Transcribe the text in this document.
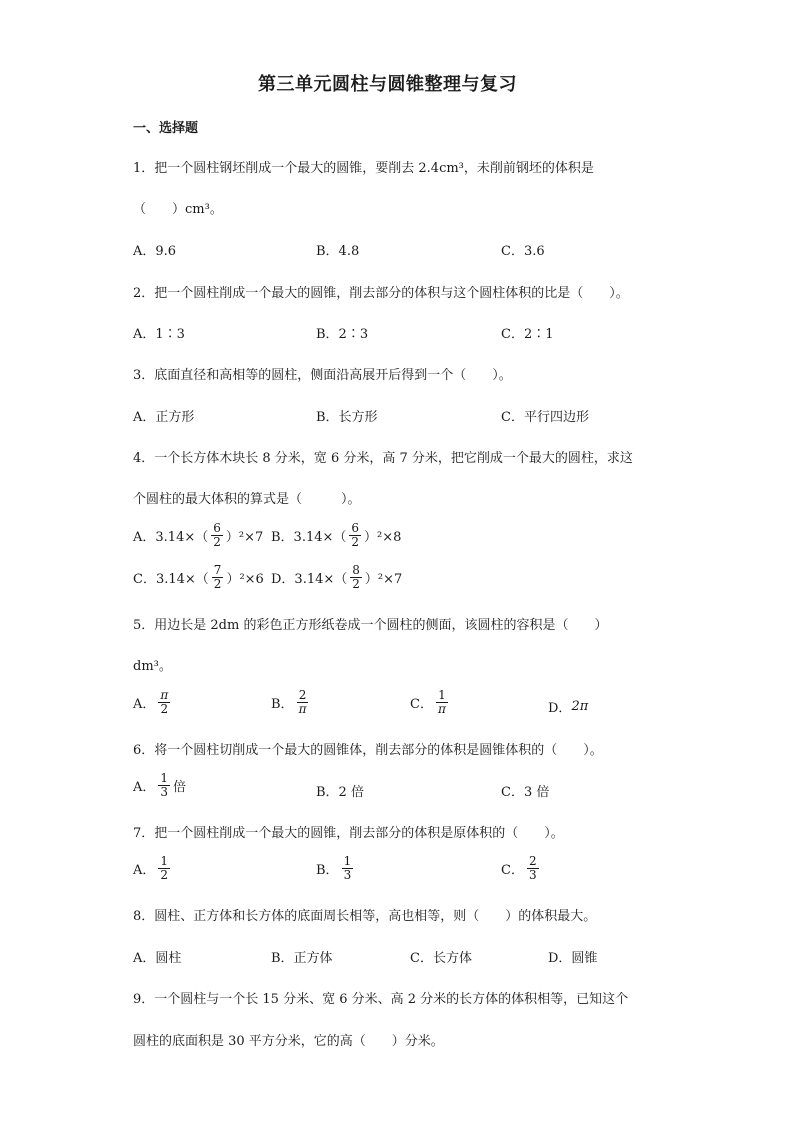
第三单元圆柱与圆锥整理与复习
一、选择题
1．把一个圆柱钢坯削成一个最大的圆锥，要削去 2.4cm³，未削前钢坯的体积是
（　　）cm³。
A．9.6	B．4.8	C．3.6
2．把一个圆柱削成一个最大的圆锥，削去部分的体积与这个圆柱体积的比是（　　）。
A．1∶3	B．2∶3	C．2∶1
3．底面直径和高相等的圆柱，侧面沿高展开后得到一个（　　）。
A．正方形	B．长方形	C．平行四边形
4．一个长方体木块长 8 分米，宽 6 分米，高 7 分米，把它削成一个最大的圆柱，求这
个圆柱的最大体积的算式是（　　　）。
A．$3.14\times( \frac{6}{2} )^2\times 7$ B．$3.14\times( \frac{6}{2} )^2\times 8$
C．$3.14\times( \frac{7}{2} )^2\times 6$ D．$3.14\times( \frac{8}{2} )^2\times 7$
5．用边长是 2dm 的彩色正方形纸卷成一个圆柱的侧面，该圆柱的容积是（　　）
dm³。
A． $\frac{\pi}{2}$	B． $\frac{2}{\pi}$	C． $\frac{1}{\pi}$	D． 2π
6．将一个圆柱切削成一个最大的圆锥体，削去部分的体积是圆锥体积的（　　）。
A． $\frac{1}{3}$ 倍	B．2 倍	C．3 倍
7．把一个圆柱削成一个最大的圆锥，削去部分的体积是原体积的（　　）。
A． $\frac{1}{2}$	B． $\frac{1}{3}$	C． $\frac{2}{3}$
8．圆柱、正方体和长方体的底面周长相等，高也相等，则（　　）的体积最大。
A．圆柱	B．正方体	C．长方体	D．圆锥
9．一个圆柱与一个长 15 分米、宽 6 分米、高 2 分米的长方体的体积相等，已知这个
圆柱的底面积是 30 平方分米，它的高（　　）分米。
